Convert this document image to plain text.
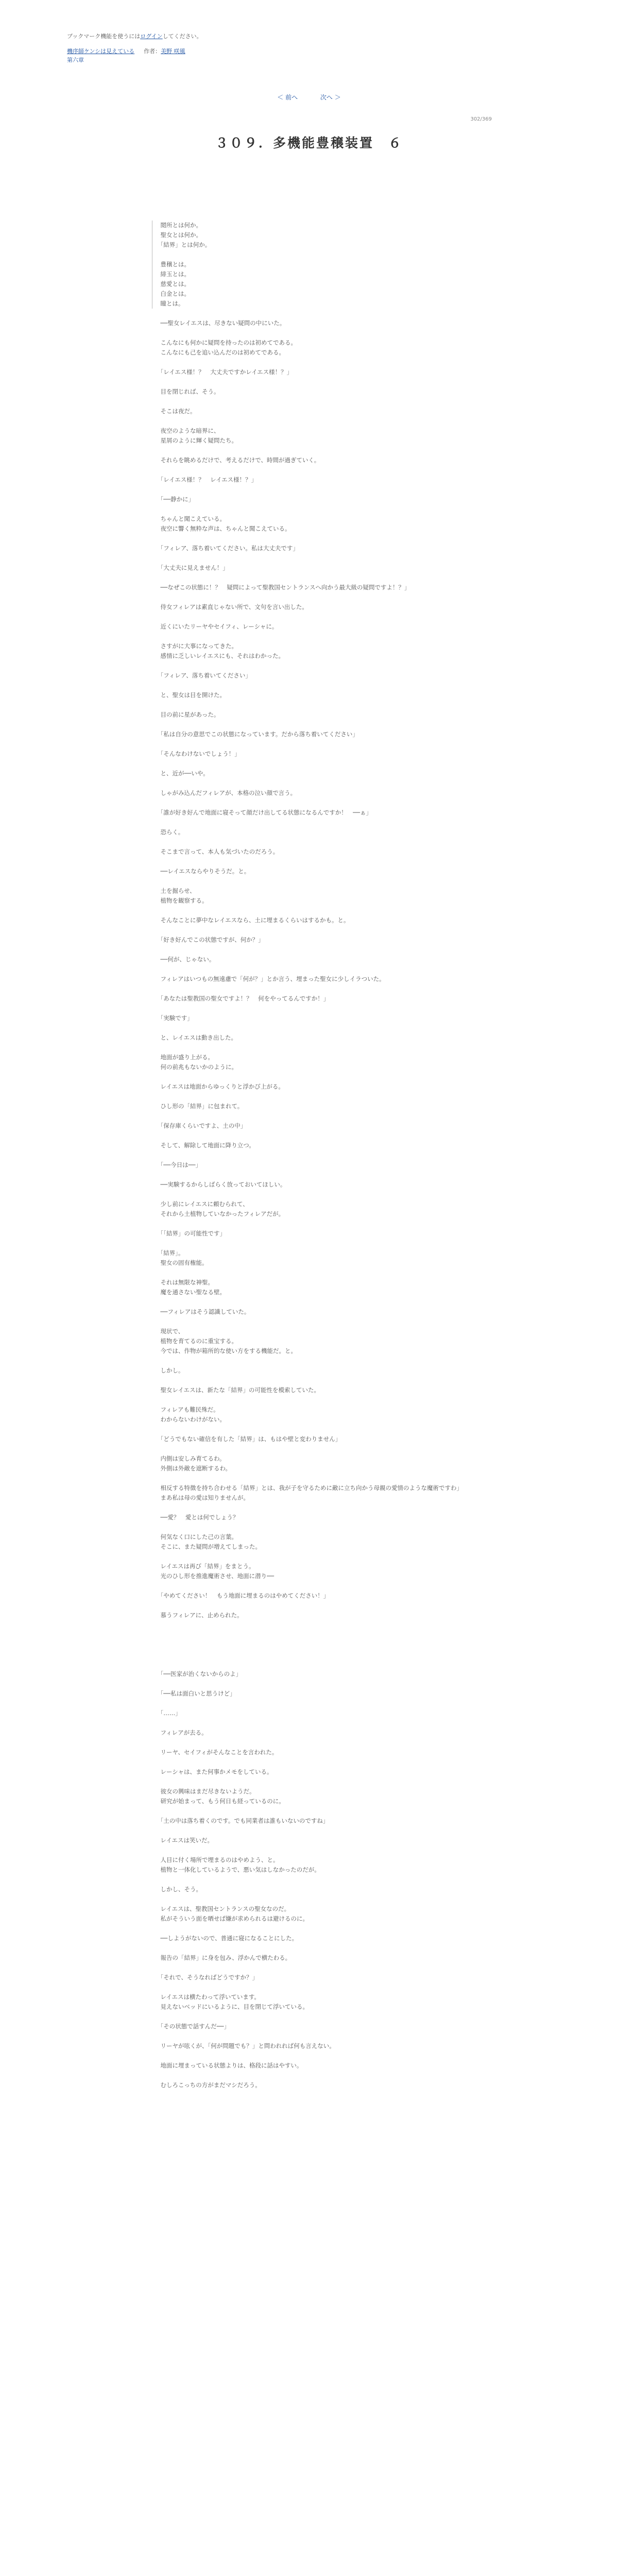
ブックマーク機能を使うにはログインしてください。
機序師ケンシは見えている 作者：美野 咲風
第六章
＜ 前へ	次へ ＞
302/369
３０９．多機能豊穣装置　６

　閲所とは何か。

　聖女とは何か。

　「結界」とは何か。

　豊穣とは。

　緋玉とは。

　慈愛とは。

　白金とは。

　瞳とは。

　──聖女レイエスは、尽きない疑問の中にいた。

　こんなにも何かに疑問を持ったのは初めてである。

　こんなにも己を追い込んだのは初めてである。

　「レイエス様！？　大丈夫ですかレイエス様！？」

　目を閉じれば、そう。

　そこは夜だ。

　夜空のような暗界に、

　星屑のように輝く疑問たち。

　それらを眺めるだけで、考えるだけで、時間が過ぎていく。

　「レイエス様！？　レイエス様！？」

　「──静かに」

　ちゃんと聞こえている。

　夜空に響く無粋な声は、ちゃんと聞こえている。

　「フィレア、落ち着いてください。私は大丈夫です」

　「大丈夫に見えません！」

　──なぜこの状態に！？　疑問によって聖教国セントランスへ向かう最大級の疑問ですよ！？」

　侍女フィレアは素直じゃない所で、文句を言い出した。

　近くにいたリーヤやセイフィ、レーシャに。

　さすがに大事になってきた。

　感情に乏しいレイエスにも、それはわかった。

　「フィレア、落ち着いてください」

　と、聖女は目を開けた。

　目の前に星があった。

　「私は自分の意思でこの状態になっています。だから落ち着いてください」

　「そんなわけないでしょう！」

　と、近が──いや。

　しゃがみ込んだフィレアが、本格の泣い顔で言う。

　「誰が好き好んで地面に寝そって顔だけ出してる状態になるんですか！　──ぁ」

　恐らく。

　そこまで言って、本人も気づいたのだろう。

　──レイエスならやりそうだ。と。

　土を掘らせ、

　植物を観察する。

　そんなことに夢中なレイエスなら、土に埋まるくらいはするかも。と。

　「好き好んでこの状態ですが、何か？」

　──何が、じゃない。

　フィレアはいつもの無遠慮で「何が？」とか言う、埋まった聖女に少しイラついた。

　「あなたは聖教国の聖女ですよ！？　何をやってるんですか！」

　「実験です」

　と、レイエスは動き出した。

　地面が盛り上がる。

　何の前兆もないかのように。

　レイエスは地面からゆっくりと浮かび上がる。

　ひし形の「結界」に包まれて。

　「保存庫くらいですよ、土の中」

　そして、解除して地面に降り立つ。

　「──今日は──」

　──実験するからしばらく放っておいてほしい。

　少し前にレイエスに頼むられて、

　それから土植物していなかったフィレアだが。

　「「結界」の可能性です」

　「結界」。

　聖女の固有権能。

　それは無限な神聖。

　魔を通さない聖なる壁。

　──フィレアはそう認識していた。

　現状で、

　植物を育てるのに重宝する。

　今では、作物が箱所的な使い方をする機能だ。と。

　しかし。

　聖女レイエスは、新たな「結界」の可能性を模索していた。

　フィレアも難民殊だ。

　わからないわけがない。

　「どうでもない確信を有した「結界」は、もはや壁と変わりません」

　内側は安しみ育てるわ。

　外側は外敵を遮断するわ。

　相反する特徴を持ち合わせる「結界」とは、我が子を守るために敵に立ち向かう母親の愛情のような魔術ですわ」

　まあ私は母の愛は知りませんが。

　──愛？　愛とは何でしょう？

　何気なく口にした己の言葉。

　そこに、また疑問が増えてしまった。

　レイエスは再び「結界」をまとう。

　光のひし形を推進魔術させ、地面に潜り──

　「やめてください！　もう地面に埋まるのはやめてください！」

　慕うフィレアに、止められた。

　「──医家が治くないからのよ」

　「──私は面白いと思うけど」

　「……」

　フィレアが去る。

　リーヤ、セイフィがそんなことを言われた。

　レーシャは、また何事かメモをしている。

　彼女の興味はまだ尽きないようだ。

　研究が始まって、もう何日も経っているのに。

　「土の中は落ち着くのです。でも同業者は誰もいないのですね」

　レイエスは笑いだ。

　人目に付く場所で埋まるのはやめよう、と。

　植物と一体化しているようで、悪い気はしなかったのだが。

　しかし、そう。

　レイエスは、聖教国セントランスの聖女なのだ。

　私がそういう面を晒せば嫌が求められるは避けるのに。

　──しようがないので、普通に寝になることにした。

　報告の「結界」に身を包み、浮かんで横たわる。

　「それで、そうなればどうですか？」

　レイエスは横たわって浮いています。

　見えないベッドにいるように、目を閉じて浮いている。

　「その状態で話すんだ──」

　リーヤが呟くが、「何が問題でも？」と問われれば何も言えない。

　地面に埋まっている状態よりは、格段に話はやすい。

　むしろこっちの方がまだマシだろう。
